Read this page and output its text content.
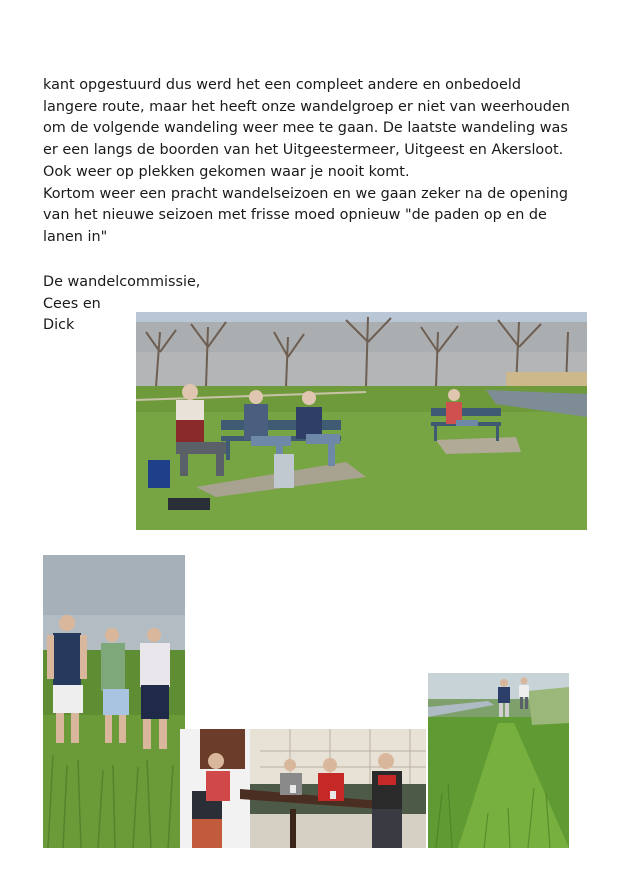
kant opgestuurd dus werd het een compleet andere en onbedoeld
langere route, maar het heeft onze wandelgroep er niet van weerhouden
om de volgende wandeling weer mee te gaan. De laatste wandeling was
er een langs de boorden van het Uitgeestermeer, Uitgeest en Akersloot.
Ook weer op plekken gekomen waar je nooit komt.
Kortom weer een pracht wandelseizoen en we gaan zeker na de opening
van het nieuwe seizoen met frisse moed opnieuw "de paden op en de
lanen in"
De wandelcommissie,
Cees en
Dick
